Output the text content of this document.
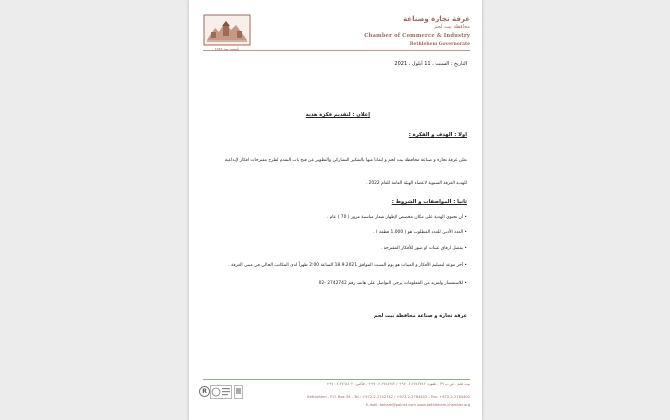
تأسست سنة 1952
غرفة تجارة وصناعة
محافظة بيت لحم
Chamber of Commerce & Industry
Bethlehem Governorate
التاريخ : السبت ، 11 أيلول ، 2021
إعلان : لتقديم فكرة هدية
اولا : الهدف و الفكرة :
تعلن غرفة تجارة و صناعة محافظة بيت لحم و ايمانا منها بالتفكير التشاركي والتطوير عن فتح باب التقدم لطرح مقترحات افكار لإبداعية
للهدية الغرفة السنوية لاعضاء الهيئة العامة للعام 2022 .
ثانيا : المواصفات و الشروط :
• أن تحتوي الهدية على مكان مخصص لإظهار شعار مناسبة مرور ( 70 ) عام .
• العدد الأدنى للعدد المطلوب هو ( 1,000 قطعة ) .
• يفضل ارفاق عينات او صور للأفكار المقترحة .
• آخر موعد لتسليم الأفكار و العينات هو يوم السبت الموافق 18.9.2021 الساعة 2:00 ظهراً لدى المكاتب الحالي في مبنى الغرفة .
• للاستفسار ولمزيد من المعلومات يرجى التواصل على هاتف رقم 2742742 -02
غرفة تجارة و صناعة محافظة بيت لحم
R
بيت لحم - ص.ب ٣٩ - تلفون: ٢٧٤٢٧٤٢-٢-٩٧٠+ / ٢٧٤٤٣٤٢-٢-٩٧٠+ - فاكس: ٢٧٦٤٤٠٢-٢-٩٧٠+
Bethlehem - P.O. Box 39 - Tel.: +972-2-2742742 / +972-2-2764402 - Fax: +972-2-2764402
E-mail: beham@palnet.com www.bethlehem-chamber.org
